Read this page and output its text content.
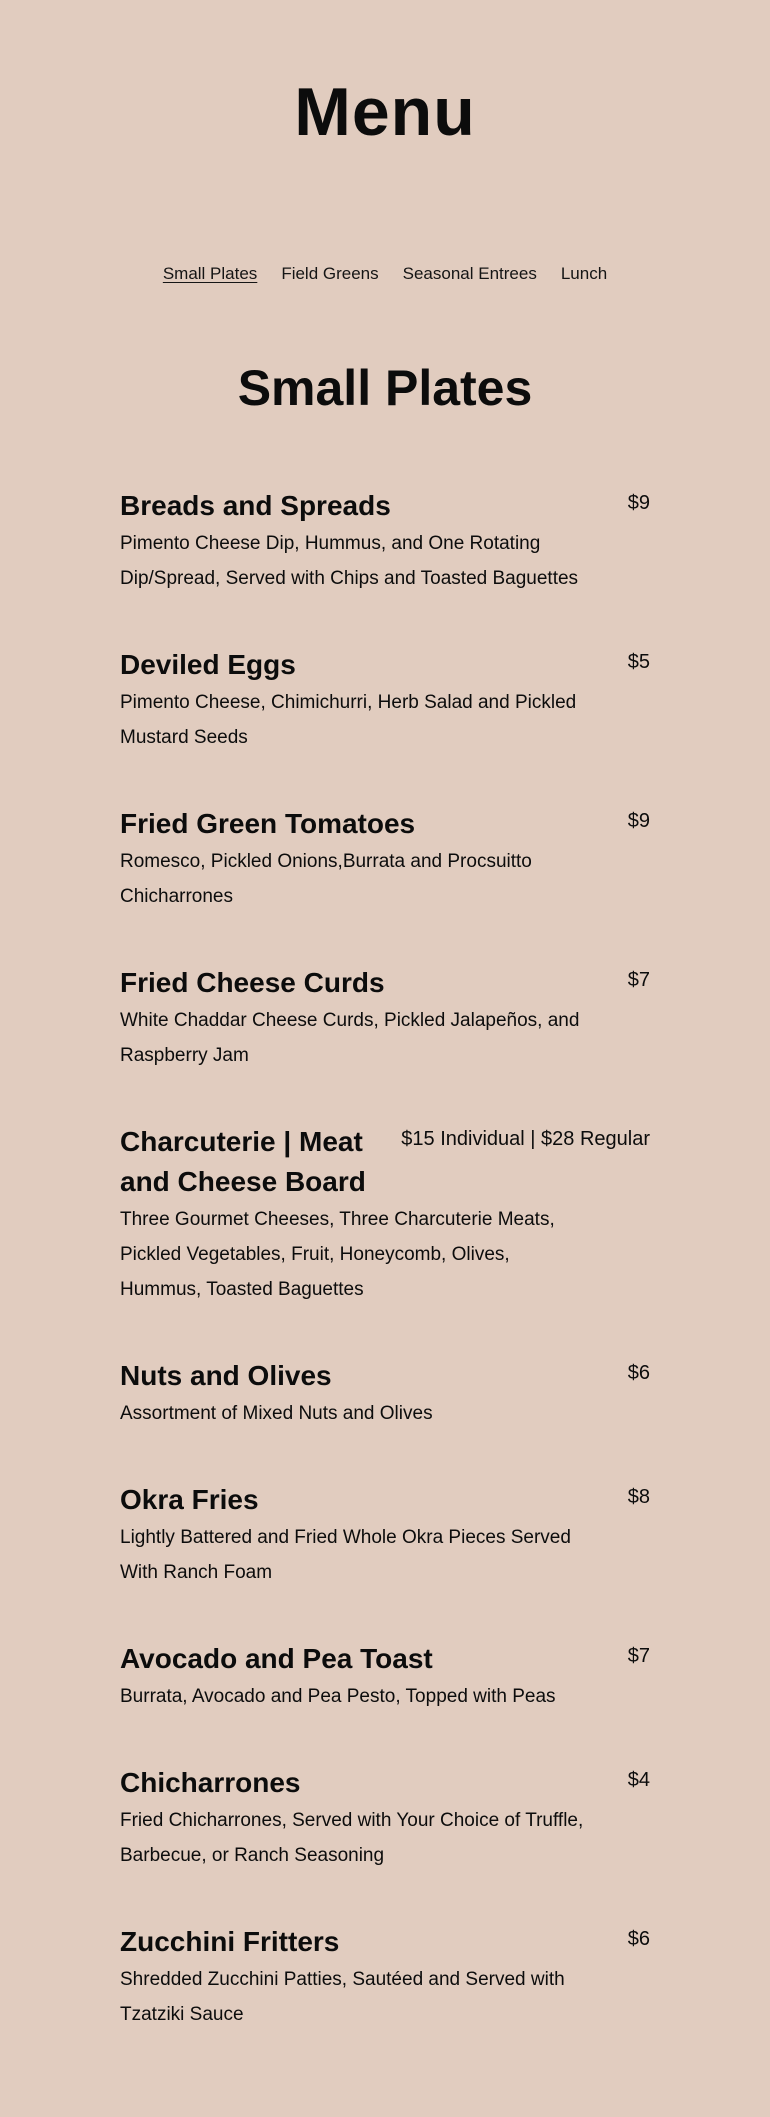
Menu
Small Plates Field Greens Seasonal Entrees Lunch
Small Plates
Breads and Spreads	$9
Pimento Cheese Dip, Hummus, and One Rotating Dip/Spread, Served with Chips and Toasted Baguettes
Deviled Eggs	$5
Pimento Cheese, Chimichurri, Herb Salad and Pickled Mustard Seeds
Fried Green Tomatoes	$9
Romesco, Pickled Onions,Burrata and Procsuitto Chicharrones
Fried Cheese Curds	$7
White Chaddar Cheese Curds, Pickled Jalapeños, and Raspberry Jam
Charcuterie | Meat and Cheese Board
$15 Individual | $28 Regular
Three Gourmet Cheeses, Three Charcuterie Meats, Pickled Vegetables, Fruit, Honeycomb, Olives, Hummus, Toasted Baguettes
Nuts and Olives	$6
Assortment of Mixed Nuts and Olives
Okra Fries	$8
Lightly Battered and Fried Whole Okra Pieces Served With Ranch Foam
Avocado and Pea Toast	$7
Burrata, Avocado and Pea Pesto, Topped with Peas
Chicharrones	$4
Fried Chicharrones, Served with Your Choice of Truffle, Barbecue, or Ranch Seasoning
Zucchini Fritters	$6
Shredded Zucchini Patties, Sautéed and Served with Tzatziki Sauce
